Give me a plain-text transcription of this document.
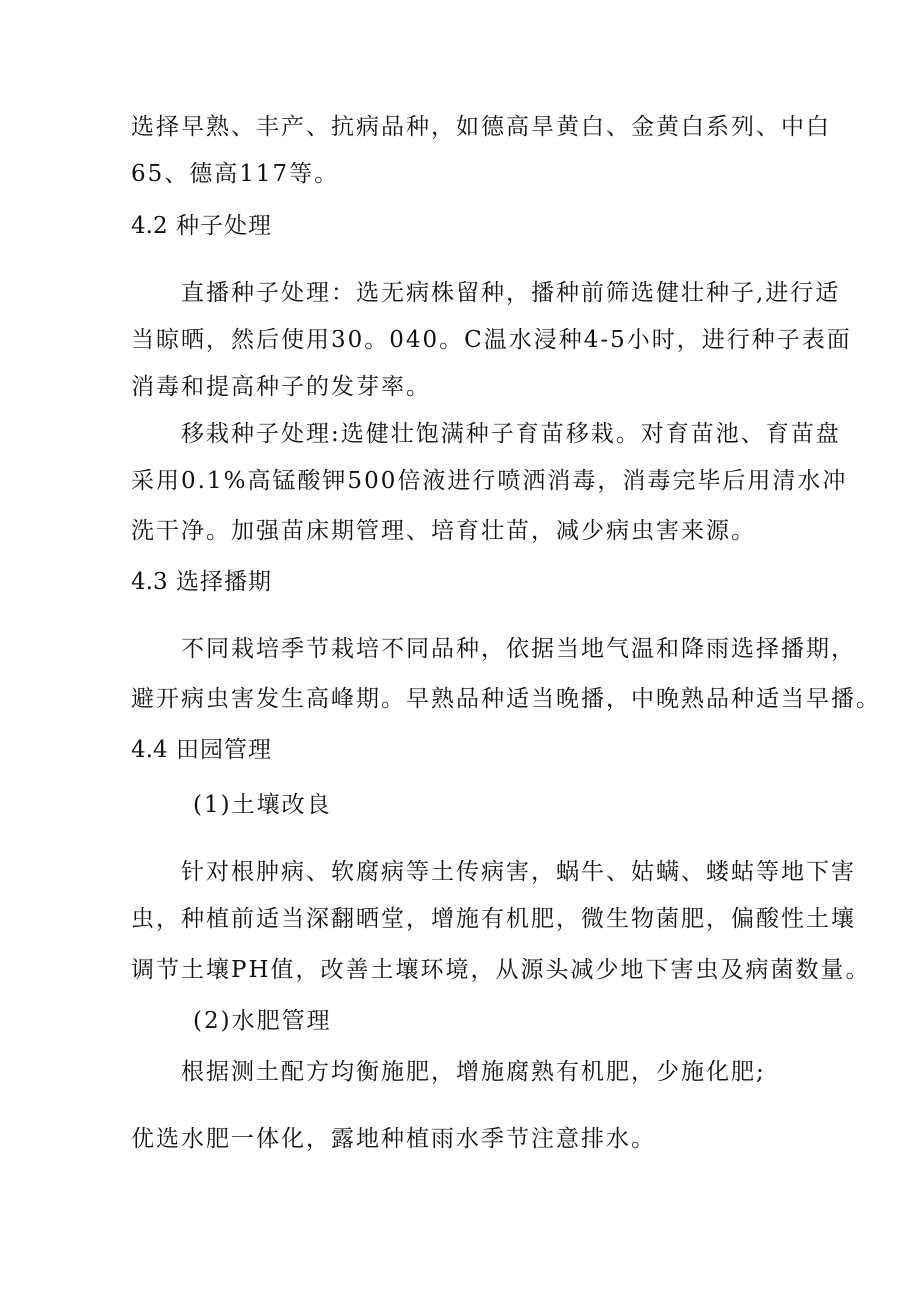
选择早熟、丰产、抗病品种，如德高旱黄白、金黄白系列、中白
65、德高117等。
4.2 种子处理
直播种子处理：选无病株留种，播种前筛选健壮种子,进行适
当晾晒，然后使用30。040。C温水浸种4-5小时，进行种子表面
消毒和提高种子的发芽率。
移栽种子处理:选健壮饱满种子育苗移栽。对育苗池、育苗盘
采用0.1%高锰酸钾500倍液进行喷洒消毒，消毒完毕后用清水冲
洗干净。加强苗床期管理、培育壮苗，减少病虫害来源。
4.3 选择播期
不同栽培季节栽培不同品种，依据当地气温和降雨选择播期，
避开病虫害发生高峰期。早熟品种适当晚播，中晚熟品种适当早播。
4.4 田园管理
(1)土壤改良
针对根肿病、软腐病等土传病害，蜗牛、姑螨、蝼蛄等地下害
虫，种植前适当深翻晒堂，增施有机肥，微生物菌肥，偏酸性土壤
调节土壤PH值，改善土壤环境，从源头减少地下害虫及病菌数量。
(2)水肥管理
根据测土配方均衡施肥，增施腐熟有机肥，少施化肥;
优选水肥一体化，露地种植雨水季节注意排水。
